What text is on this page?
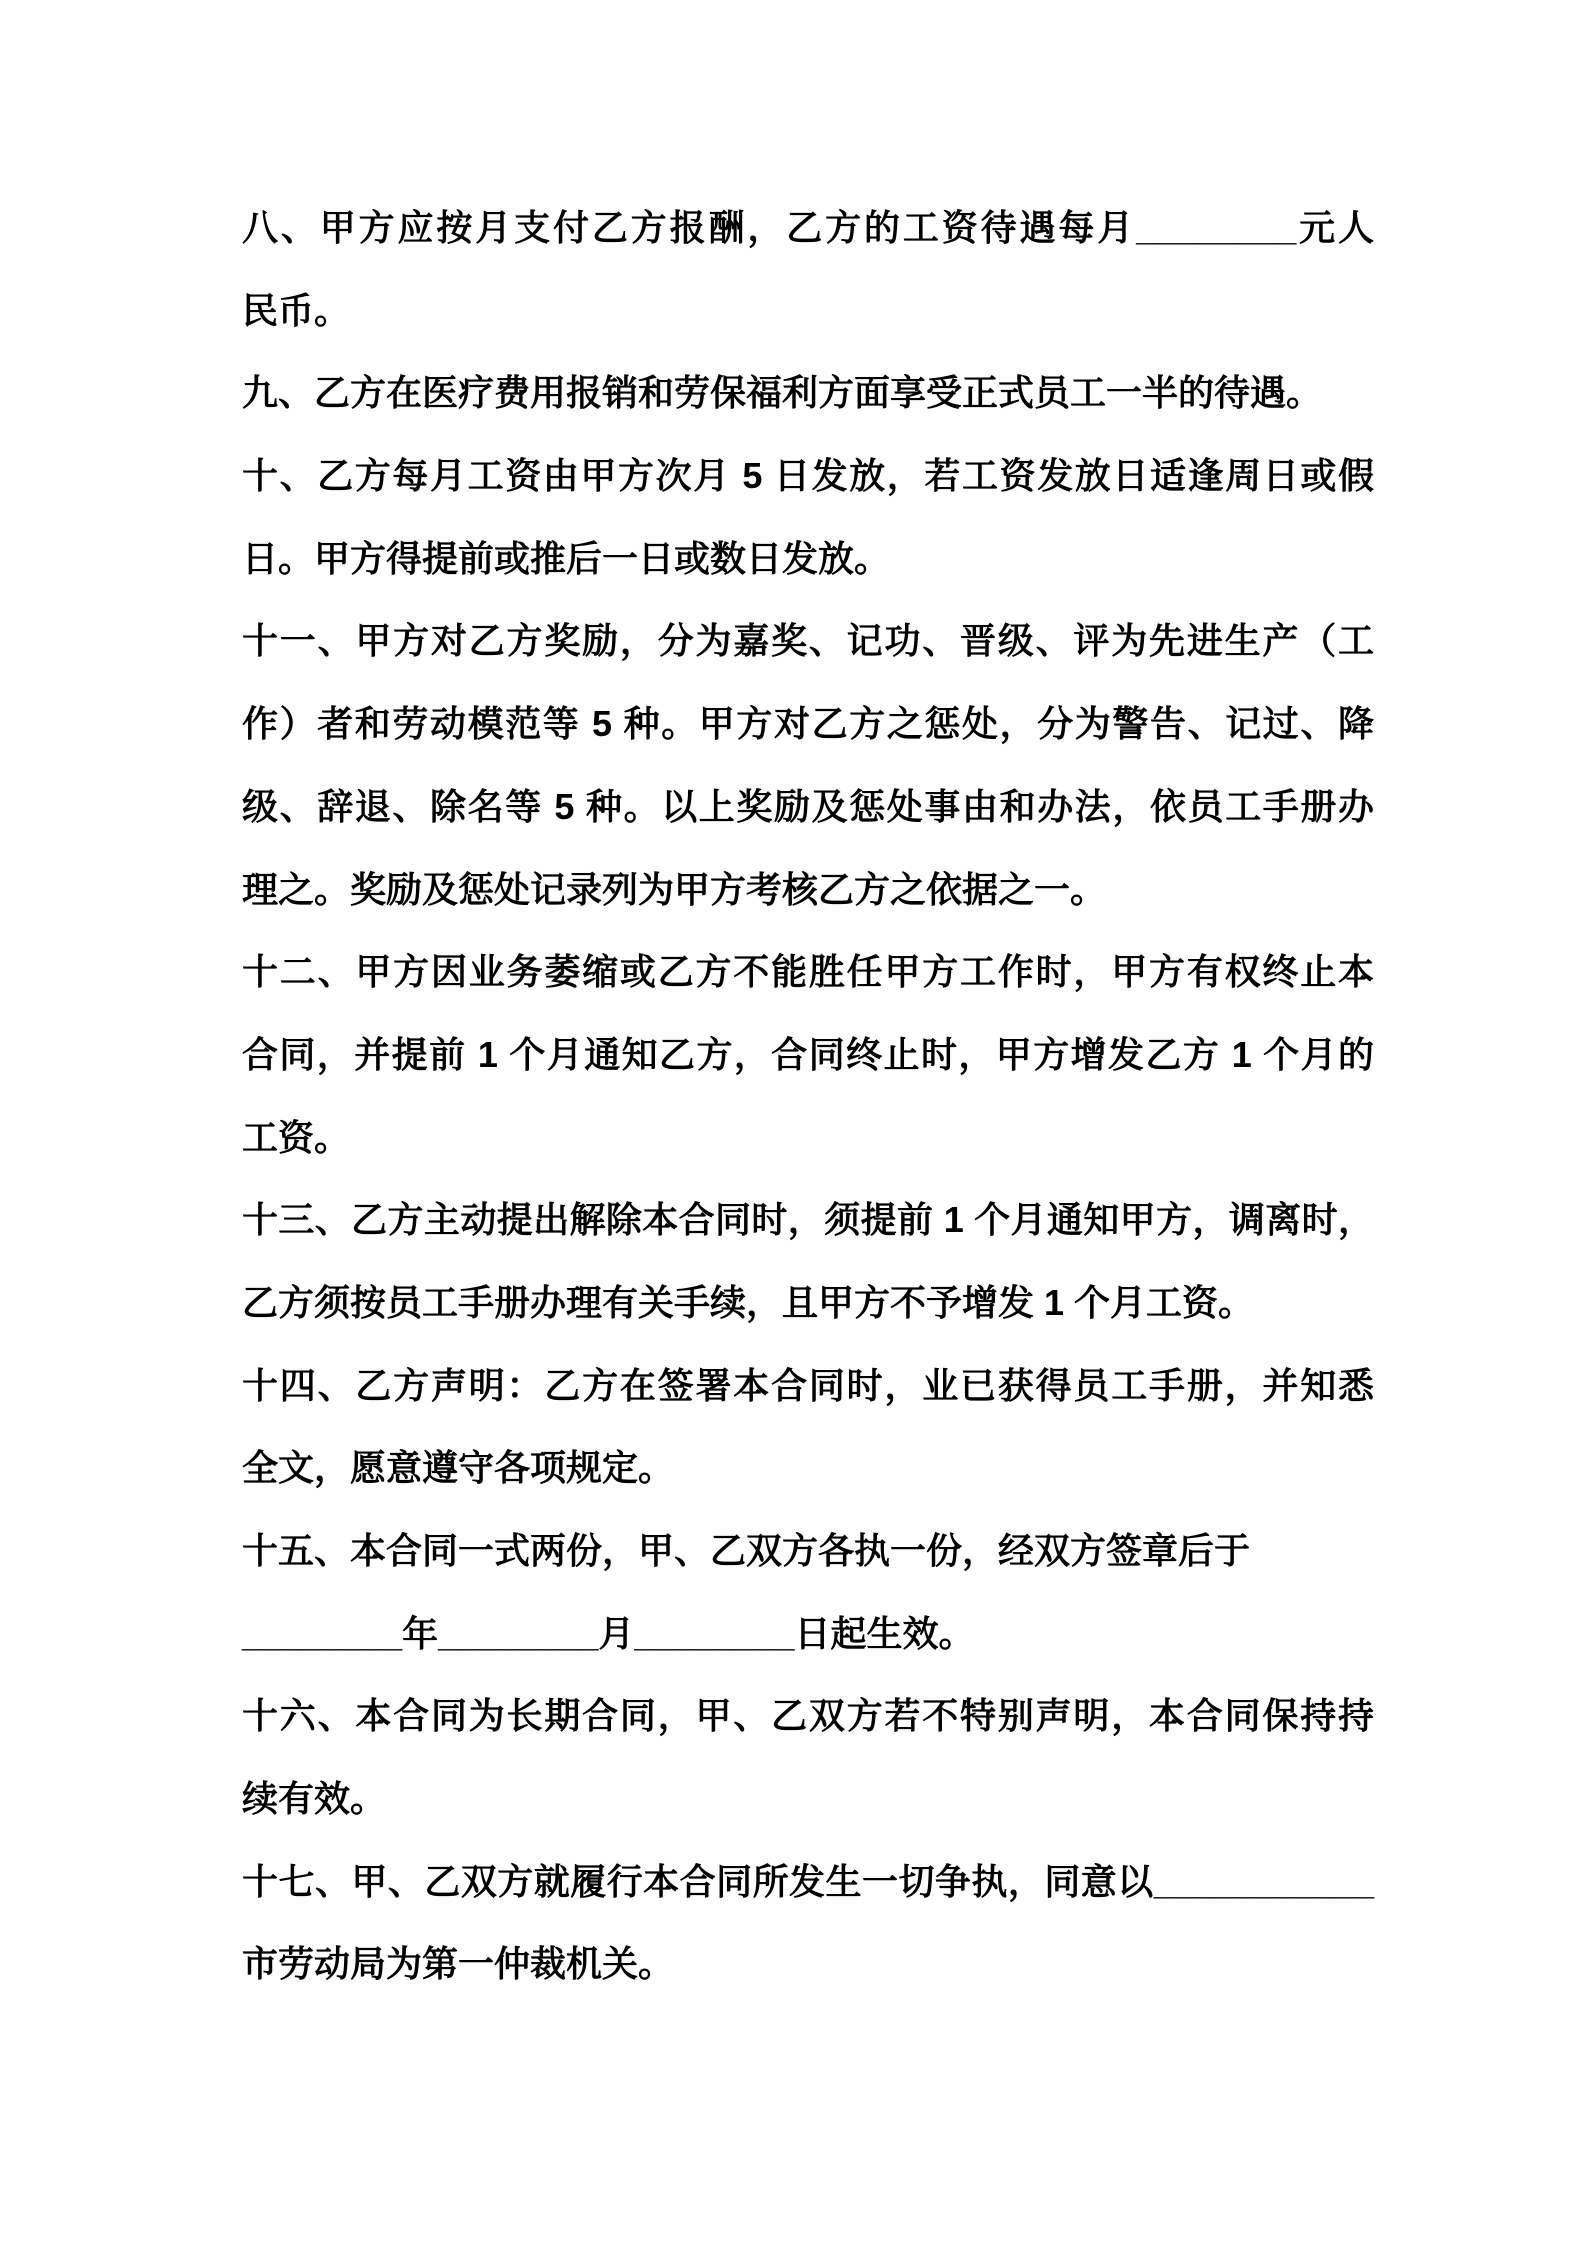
八、甲方应按月支付乙方报酬，乙方的工资待遇每月________元人
民币。
九、乙方在医疗费用报销和劳保福利方面享受正式员工一半的待遇。
十、乙方每月工资由甲方次月 5 日发放，若工资发放日适逢周日或假
日。甲方得提前或推后一日或数日发放。
十一、甲方对乙方奖励，分为嘉奖、记功、晋级、评为先进生产（工
作）者和劳动模范等 5 种。甲方对乙方之惩处，分为警告、记过、降
级、辞退、除名等 5 种。以上奖励及惩处事由和办法，依员工手册办
理之。奖励及惩处记录列为甲方考核乙方之依据之一。
十二、甲方因业务萎缩或乙方不能胜任甲方工作时，甲方有权终止本
合同，并提前 1 个月通知乙方，合同终止时，甲方增发乙方 1 个月的
工资。
十三、乙方主动提出解除本合同时，须提前 1 个月通知甲方，调离时，
乙方须按员工手册办理有关手续，且甲方不予增发 1 个月工资。
十四、乙方声明：乙方在签署本合同时，业已获得员工手册，并知悉
全文，愿意遵守各项规定。
十五、本合同一式两份，甲、乙双方各执一份，经双方签章后于
________年________月________日起生效。
十六、本合同为长期合同，甲、乙双方若不特别声明，本合同保持持
续有效。
十七、甲、乙双方就履行本合同所发生一切争执，同意以___________
市劳动局为第一仲裁机关。
